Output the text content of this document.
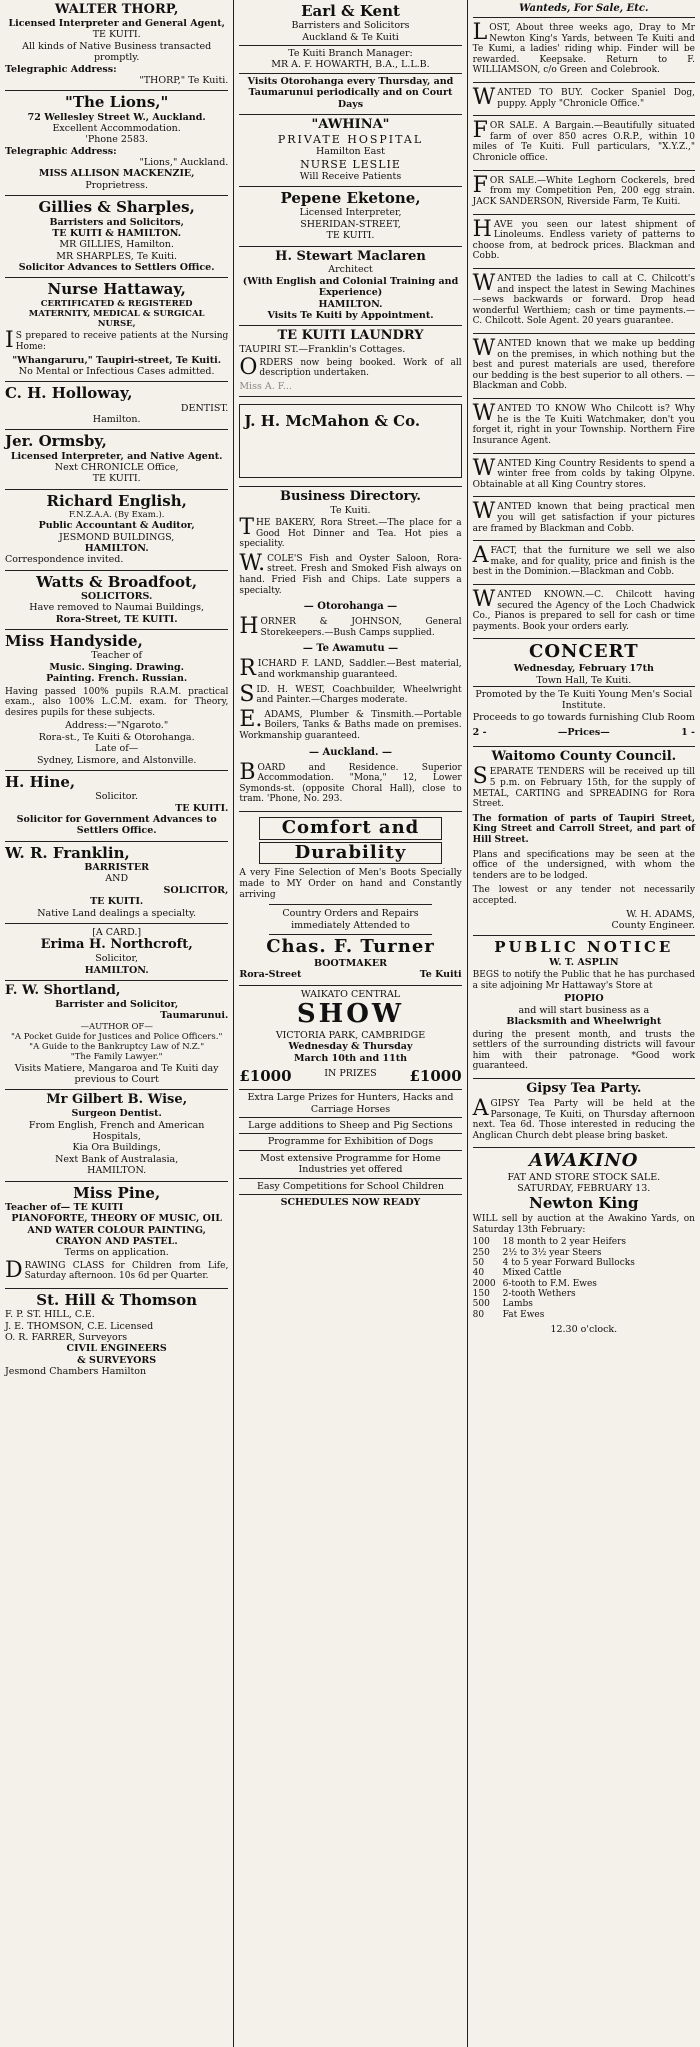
WALTER THORP,
Licensed Interpreter and General Agent,
TE KUITI.
All kinds of Native Business transacted promptly.
Telegraphic Address:
"THORP," Te Kuiti.
"The Lions,"
72 Wellesley Street W., Auckland.
Excellent Accommodation.
'Phone 2583.
Telegraphic Address:
"Lions," Auckland.
MISS ALLISON MACKENZIE,
Proprietress.
Gillies & Sharples,
Barristers and Solicitors,
TE KUITI & HAMILTON.
MR GILLIES, Hamilton.
MR SHARPLES, Te Kuiti.
Solicitor Advances to Settlers Office.
Nurse Hattaway,
CERTIFICATED & REGISTERED
MATERNITY, MEDICAL & SURGICAL
NURSE,
IS prepared to receive patients at the Nursing Home:
"Whangaruru," Taupiri-street, Te Kuiti.
No Mental or Infectious Cases admitted.
C. H. Holloway,
DENTIST.
Hamilton.
Jer. Ormsby,
Licensed Interpreter, and Native Agent.
Next CHRONICLE Office,
TE KUITI.
Richard English,
F.N.Z.A.A. (By Exam.).
Public Accountant & Auditor,
JESMOND BUILDINGS,
HAMILTON.
Correspondence invited.
Watts & Broadfoot,
SOLICITORS.
Have removed to Naumai Buildings,
Rora-Street, TE KUITI.
Miss Handyside,
Teacher of
Music. Singing. Drawing.
Painting. French. Russian.
Having passed 100% pupils R.A.M. practical exam., also 100% L.C.M. exam. for Theory, desires pupils for these subjects.
Address:—"Ngaroto."
Rora-st., Te Kuiti & Otorohanga.
Late of—
Sydney, Lismore, and Alstonville.
H. Hine,
Solicitor.
TE KUITI.
Solicitor for Government Advances to Settlers Office.
W. R. Franklin,
BARRISTER
AND
SOLICITOR,
TE KUITI.
Native Land dealings a specialty.
[A CARD.]
Erima H. Northcroft,
Solicitor,
HAMILTON.
F. W. Shortland,
Barrister and Solicitor,
Taumarunui.
—AUTHOR OF—
"A Pocket Guide for Justices and Police Officers."
"A Guide to the Bankruptcy Law of N.Z."
"The Family Lawyer."
Visits Matiere, Mangaroa and Te Kuiti day previous to Court
Mr Gilbert B. Wise,
Surgeon Dentist.
From English, French and American Hospitals,
Kia Ora Buildings,
Next Bank of Australasia,
HAMILTON.
Miss Pine,
Teacher of— TE KUITI
PIANOFORTE, THEORY OF MUSIC, OIL AND WATER COLOUR PAINTING, CRAYON AND PASTEL.
Terms on application.
DRAWING CLASS for Children from Life, Saturday afternoon. 10s 6d per Quarter.
St. Hill & Thomson
F. P. ST. HILL, C.E.
J. E. THOMSON, C.E. Licensed
O. R. FARRER, Surveyors
CIVIL ENGINEERS
& SURVEYORS
Jesmond Chambers Hamilton
Earl & Kent
Barristers and Solicitors
Auckland & Te Kuiti
Te Kuiti Branch Manager:
MR A. F. HOWARTH, B.A., L.L.B.
Visits Otorohanga every Thursday, and Taumarunui periodically and on Court Days
"AWHINA"
PRIVATE HOSPITAL
Hamilton East
NURSE LESLIE
Will Receive Patients
Pepene Eketone,
Licensed Interpreter,
SHERIDAN-STREET,
TE KUITI.
H. Stewart Maclaren
Architect
(With English and Colonial Training and Experience)
HAMILTON.
Visits Te Kuiti by Appointment.
TE KUITI LAUNDRY
TAUPIRI ST.—Franklin's Cottages.
ORDERS now being booked. Work of all description undertaken.
Miss A. F...
J. H. McMahon & Co.
Business Directory.
Te Kuiti.
THE BAKERY, Rora Street.—The place for a Good Hot Dinner and Tea. Hot pies a speciality.
W.COLE'S Fish and Oyster Saloon, Rora-street. Fresh and Smoked Fish always on hand. Fried Fish and Chips. Late suppers a specialty.
— Otorohanga —
HORNER & JOHNSON, General Storekeepers.—Bush Camps supplied.
— Te Awamutu —
RICHARD F. LAND, Saddler.—Best material, and workmanship guaranteed.
SID. H. WEST, Coachbuilder, Wheelwright and Painter.—Charges moderate.
E.ADAMS, Plumber & Tinsmith.—Portable Boilers, Tanks & Baths made on premises. Workmanship guaranteed.
— Auckland. —
BOARD and Residence. Superior Accommodation. "Mona," 12, Lower Symonds-st. (opposite Choral Hall), close to tram. 'Phone, No. 293.
Comfort and
Durability
A very Fine Selection of Men's Boots Specially made to MY Order on hand and Constantly arriving
Country Orders and Repairs immediately Attended to
Chas. F. Turner
BOOTMAKER
Rora-Street	Te Kuiti
WAIKATO CENTRAL
SHOW
VICTORIA PARK, CAMBRIDGE
Wednesday & Thursday
March 10th and 11th
£1000	IN PRIZES £1000
Extra Large Prizes for Hunters, Hacks and Carriage Horses
Large additions to Sheep and Pig Sections
Programme for Exhibition of Dogs
Most extensive Programme for Home Industries yet offered
Easy Competitions for School Children
SCHEDULES NOW READY
Wanteds, For Sale, Etc.
LOST, About three weeks ago, Dray to Mr Newton King's Yards, between Te Kuiti and Te Kumi, a ladies' riding whip. Finder will be rewarded. Keepsake. Return to F. WILLIAMSON, c/o Green and Colebrook.
WANTED TO BUY. Cocker Spaniel Dog, puppy. Apply "Chronicle Office."
FOR SALE. A Bargain.—Beautifully situated farm of over 850 acres O.R.P., within 10 miles of Te Kuiti. Full particulars, "X.Y.Z.," Chronicle office.
FOR SALE.—White Leghorn Cockerels, bred from my Competition Pen, 200 egg strain. JACK SANDERSON, Riverside Farm, Te Kuiti.
HAVE you seen our latest shipment of Linoleums. Endless variety of patterns to choose from, at bedrock prices. Blackman and Cobb.
WANTED the ladies to call at C. Chilcott's and inspect the latest in Sewing Machines—sews backwards or forward. Drop head wonderful Werthiem; cash or time payments.—C. Chilcott. Sole Agent. 20 years guarantee.
WANTED known that we make up bedding on the premises, in which nothing but the best and purest materials are used, therefore our bedding is the best superior to all others. —Blackman and Cobb.
WANTED TO KNOW Who Chilcott is? Why he is the Te Kuiti Watchmaker, don't you forget it, right in your Township. Northern Fire Insurance Agent.
WANTED King Country Residents to spend a winter free from colds by taking Olpyne. Obtainable at all King Country stores.
WANTED known that being practical men you will get satisfaction if your pictures are framed by Blackman and Cobb.
AFACT, that the furniture we sell we also make, and for quality, price and finish is the best in the Dominion.—Blackman and Cobb.
WANTED KNOWN.—C. Chilcott having secured the Agency of the Loch Chadwick Co., Pianos is prepared to sell for cash or time payments. Book your orders early.
CONCERT
Wednesday, February 17th
Town Hall, Te Kuiti.
Promoted by the Te Kuiti Young Men's Social Institute.
Proceeds to go towards furnishing Club Room
2 -	—Prices—	1 -
Waitomo County Council.
SEPARATE TENDERS will be received up till 5 p.m. on February 15th, for the supply of METAL, CARTING and SPREADING for Rora Street.
The formation of parts of Taupiri Street, King Street and Carroll Street, and part of Hill Street.
Plans and specifications may be seen at the office of the undersigned, with whom the tenders are to be lodged.
The lowest or any tender not necessarily accepted.
W. H. ADAMS,
County Engineer.
PUBLIC NOTICE
W. T. ASPLIN
BEGS to notify the Public that he has purchased a site adjoining Mr Hattaway's Store at
PIOPIO
and will start business as a
Blacksmith and Wheelwright
during the present month, and trusts the settlers of the surrounding districts will favour him with their patronage. *Good work guaranteed.
Gipsy Tea Party.
AGIPSY Tea Party will be held at the Parsonage, Te Kuiti, on Thursday afternoon next. Tea 6d. Those interested in reducing the Anglican Church debt please bring basket.
AWAKINO
FAT AND STORE STOCK SALE.
SATURDAY, FEBRUARY 13.
Newton King
WILL sell by auction at the Awakino Yards, on Saturday 13th February:
100	18 month to 2 year Heifers
250	2½ to 3½ year Steers
50	4 to 5 year Forward Bullocks
40	Mixed Cattle
2000 6-tooth to F.M. Ewes
150	2-tooth Wethers
500	Lambs
80	Fat Ewes
12.30 o'clock.
